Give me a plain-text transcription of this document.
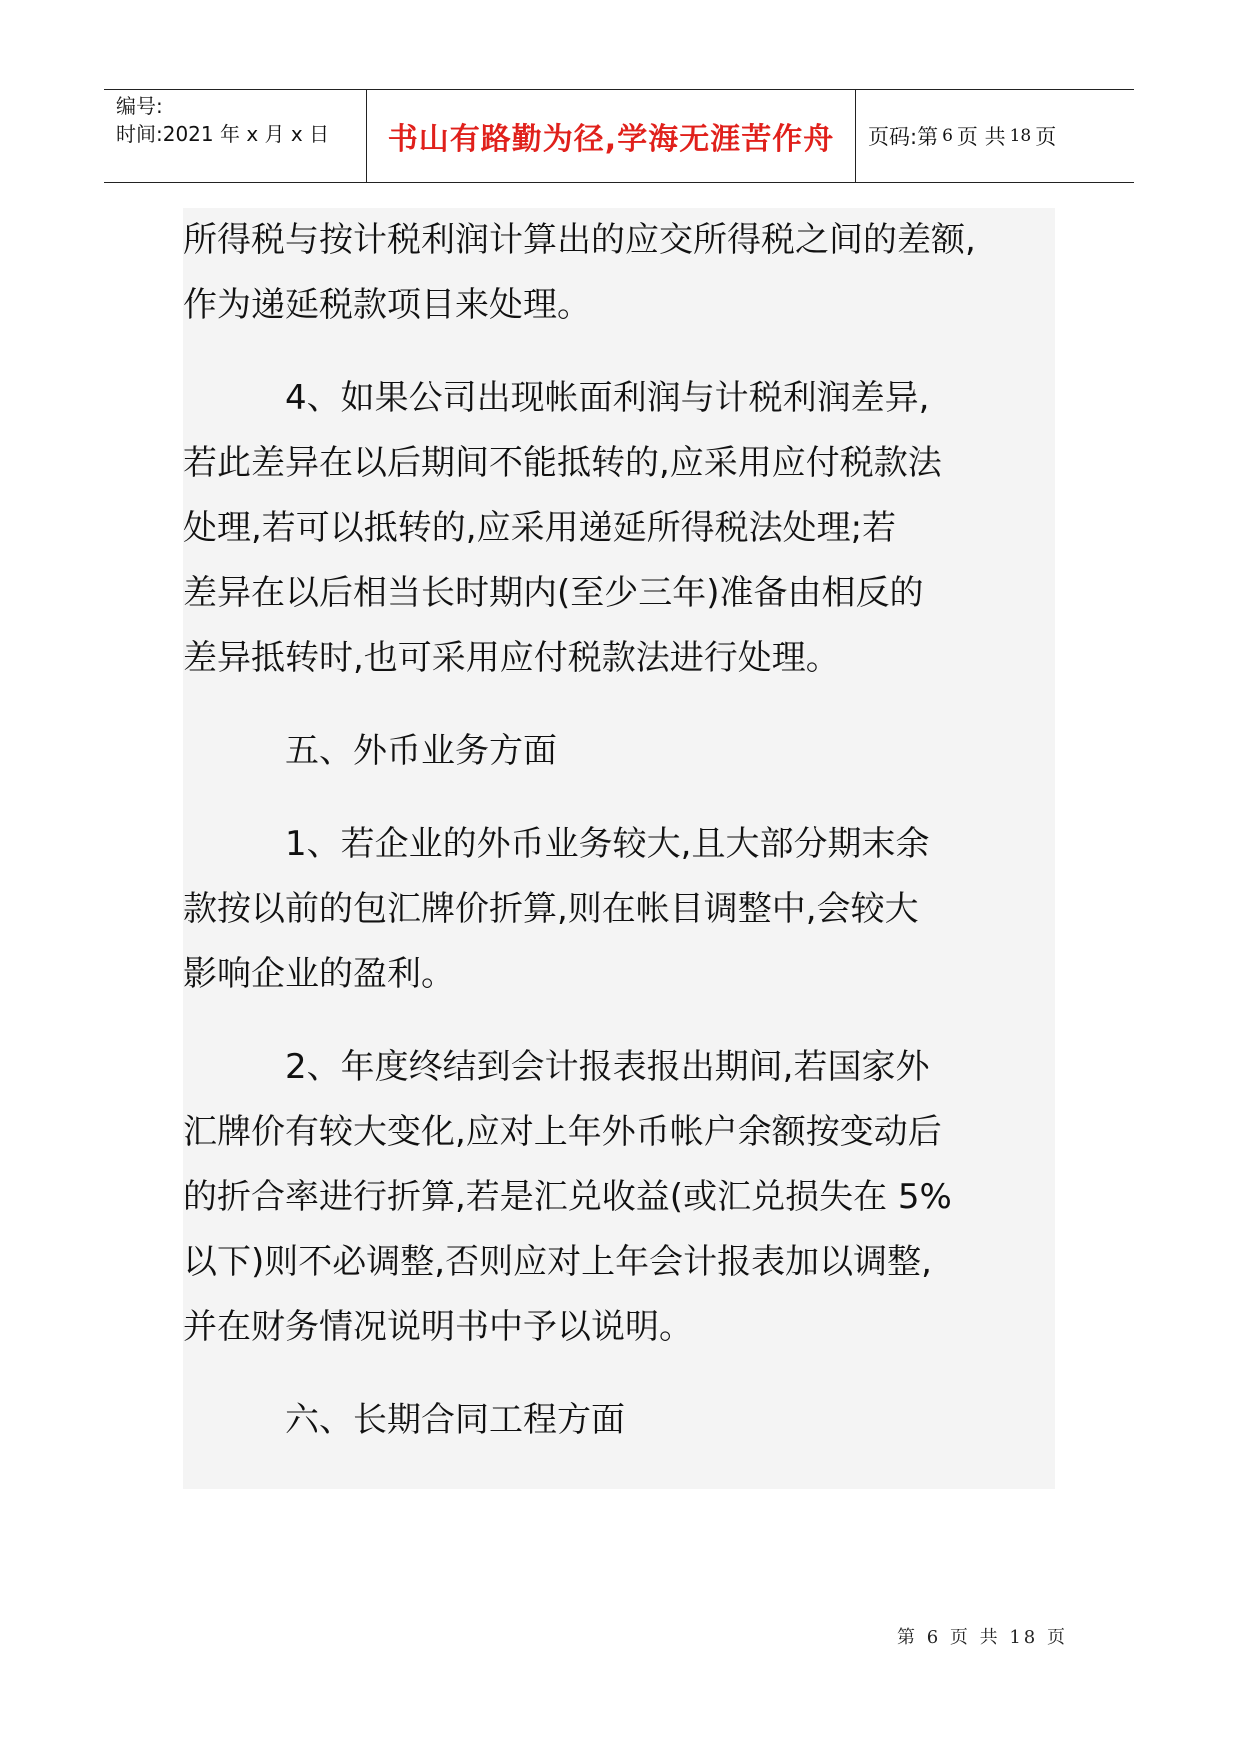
编号:
时间:2021 年 x 月 x 日	书山有路勤为径,学海无涯苦作舟	页码:第 6 页 共 18 页

所得税与按计税利润计算出的应交所得税之间的差额,

作为递延税款项目来处理。

　　　4、如果公司出现帐面利润与计税利润差异,

若此差异在以后期间不能抵转的,应采用应付税款法

处理,若可以抵转的,应采用递延所得税法处理;若

差异在以后相当长时期内(至少三年)准备由相反的

差异抵转时,也可采用应付税款法进行处理。

　　　五、外币业务方面

　　　1、若企业的外币业务较大,且大部分期末余

款按以前的包汇牌价折算,则在帐目调整中,会较大

影响企业的盈利。

　　　2、年度终结到会计报表报出期间,若国家外

汇牌价有较大变化,应对上年外币帐户余额按变动后

的折合率进行折算,若是汇兑收益(或汇兑损失在 5%

以下)则不必调整,否则应对上年会计报表加以调整,

并在财务情况说明书中予以说明。

　　　六、长期合同工程方面

第 6 页 共 18 页
